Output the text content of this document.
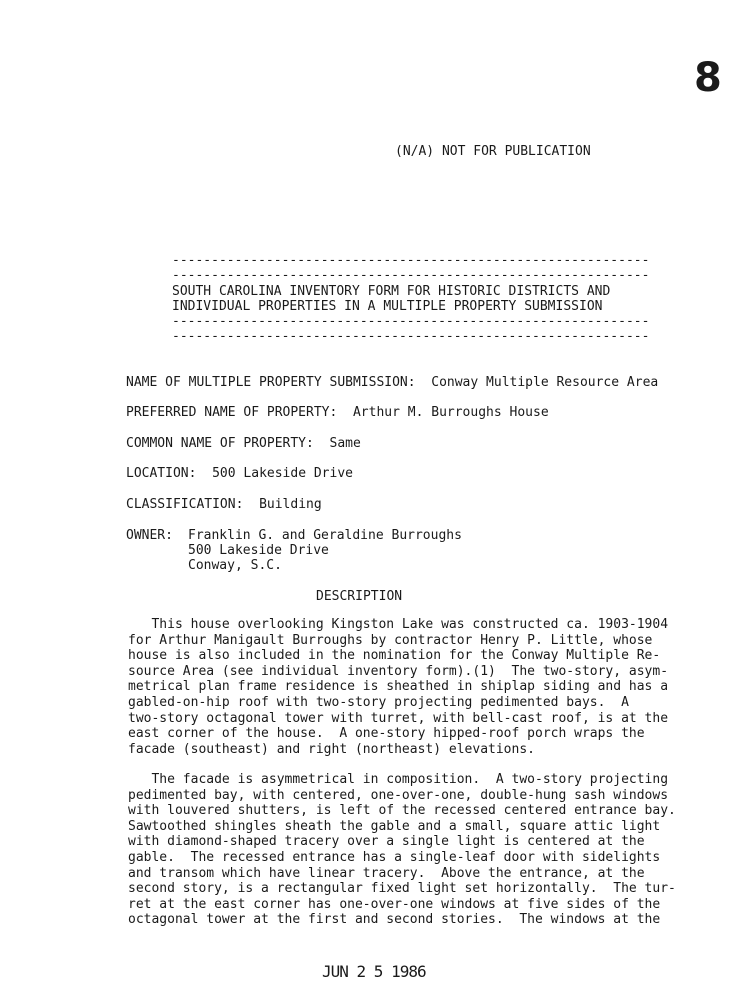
8
(N/A) NOT FOR PUBLICATION
-------------------------------------------------------------
-------------------------------------------------------------
SOUTH CAROLINA INVENTORY FORM FOR HISTORIC DISTRICTS AND
INDIVIDUAL PROPERTIES IN A MULTIPLE PROPERTY SUBMISSION
-------------------------------------------------------------
-------------------------------------------------------------
NAME OF MULTIPLE PROPERTY SUBMISSION: Conway Multiple Resource Area
PREFERRED NAME OF PROPERTY: Arthur M. Burroughs House
COMMON NAME OF PROPERTY: Same
LOCATION: 500 Lakeside Drive
CLASSIFICATION: Building
OWNER: Franklin G. and Geraldine Burroughs
500 Lakeside Drive
Conway, S.C.
DESCRIPTION
This house overlooking Kingston Lake was constructed ca. 1903-1904
for Arthur Manigault Burroughs by contractor Henry P. Little, whose
house is also included in the nomination for the Conway Multiple Re-
source Area (see individual inventory form).(1)  The two-story, asym-
metrical plan frame residence is sheathed in shiplap siding and has a
gabled-on-hip roof with two-story projecting pedimented bays.  A
two-story octagonal tower with turret, with bell-cast roof, is at the
east corner of the house.  A one-story hipped-roof porch wraps the
facade (southeast) and right (northeast) elevations.
The facade is asymmetrical in composition.  A two-story projecting
pedimented bay, with centered, one-over-one, double-hung sash windows
with louvered shutters, is left of the recessed centered entrance bay.
Sawtoothed shingles sheath the gable and a small, square attic light
with diamond-shaped tracery over a single light is centered at the
gable.  The recessed entrance has a single-leaf door with sidelights
and transom which have linear tracery.  Above the entrance, at the
second story, is a rectangular fixed light set horizontally.  The tur-
ret at the east corner has one-over-one windows at five sides of the
octagonal tower at the first and second stories.  The windows at the
JUN 2 5 1986
